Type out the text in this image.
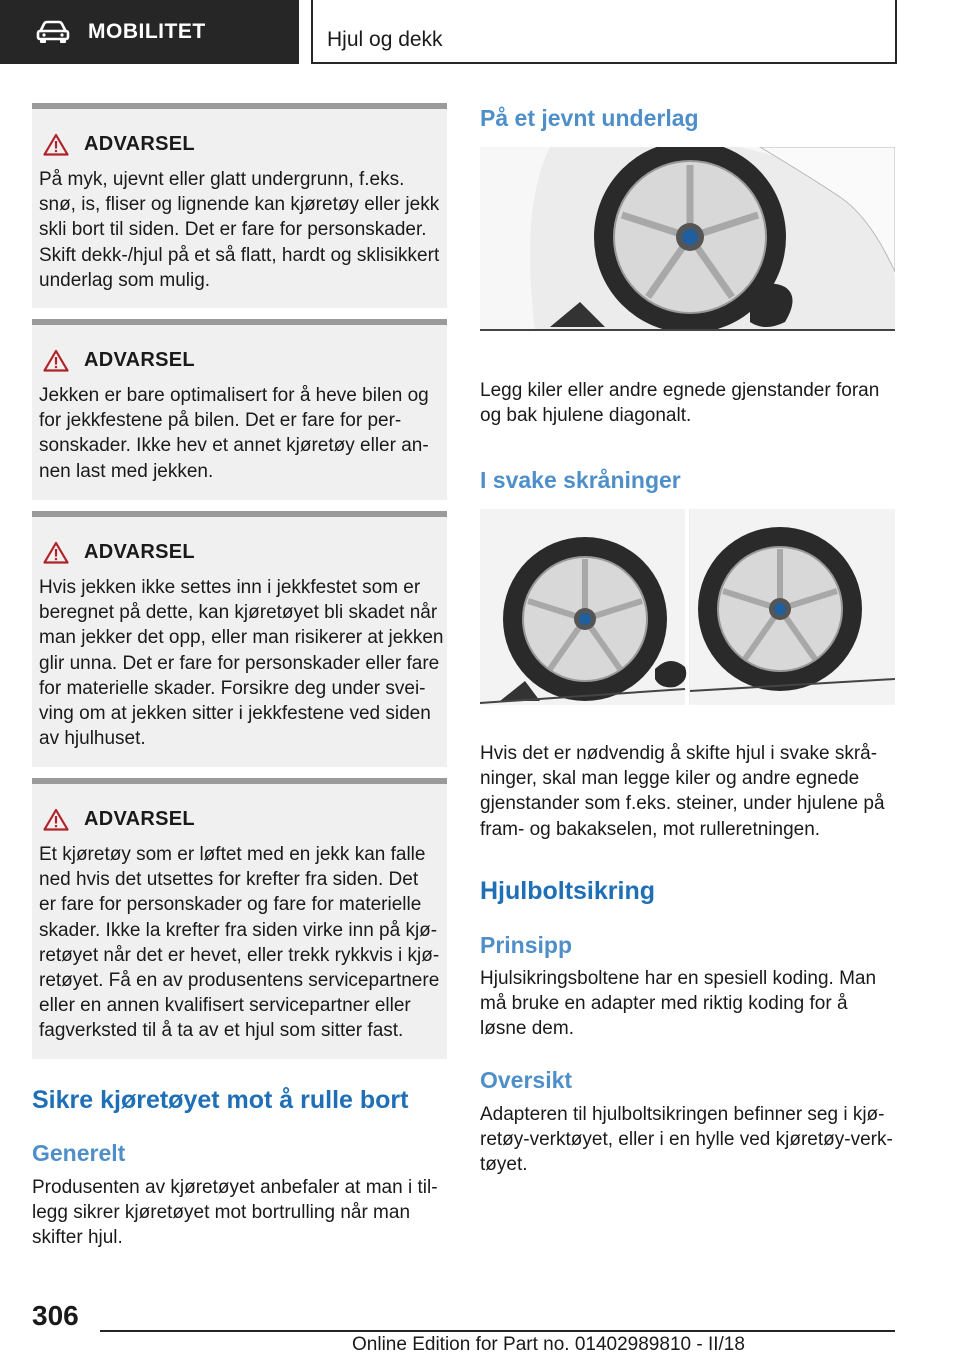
MOBILITET	Hjul og dekk
ADVARSEL
På myk, ujevnt eller glatt undergrunn, f.eks.
snø, is, fliser og lignende kan kjøretøy eller jekk
skli bort til siden. Det er fare for personskader.
Skift dekk-/hjul på et så flatt, hardt og sklisikkert
underlag som mulig.
ADVARSEL
Jekken er bare optimalisert for å heve bilen og
for jekkfestene på bilen. Det er fare for per‐
sonskader. Ikke hev et annet kjøretøy eller an‐
nen last med jekken.
ADVARSEL
Hvis jekken ikke settes inn i jekkfestet som er
beregnet på dette, kan kjøretøyet bli skadet når
man jekker det opp, eller man risikerer at jekken
glir unna. Det er fare for personskader eller fare
for materielle skader. Forsikre deg under svei‐
ving om at jekken sitter i jekkfestene ved siden
av hjulhuset.
ADVARSEL
Et kjøretøy som er løftet med en jekk kan falle
ned hvis det utsettes for krefter fra siden. Det
er fare for personskader og fare for materielle
skader. Ikke la krefter fra siden virke inn på kjø‐
retøyet når det er hevet, eller trekk rykkvis i kjø‐
retøyet. Få en av produsentens servicepartnere
eller en annen kvalifisert servicepartner eller
fagverksted til å ta av et hjul som sitter fast.
Sikre kjøretøyet mot å rulle bort
Generelt
Produsenten av kjøretøyet anbefaler at man i til‐
legg sikrer kjøretøyet mot bortrulling når man
skifter hjul.
På et jevnt underlag
Legg kiler eller andre egnede gjenstander foran
og bak hjulene diagonalt.
I svake skråninger
Hvis det er nødvendig å skifte hjul i svake skrå‐
ninger, skal man legge kiler og andre egnede
gjenstander som f.eks. steiner, under hjulene på
fram- og bakakselen, mot rulleretningen.
Hjulboltsikring
Prinsipp
Hjulsikringsboltene har en spesiell koding. Man
må bruke en adapter med riktig koding for å
løsne dem.
Oversikt
Adapteren til hjulboltsikringen befinner seg i kjø‐
retøy-verktøyet, eller i en hylle ved kjøretøy-verk‐
tøyet.
306
Online Edition for Part no. 01402989810 - II/18
